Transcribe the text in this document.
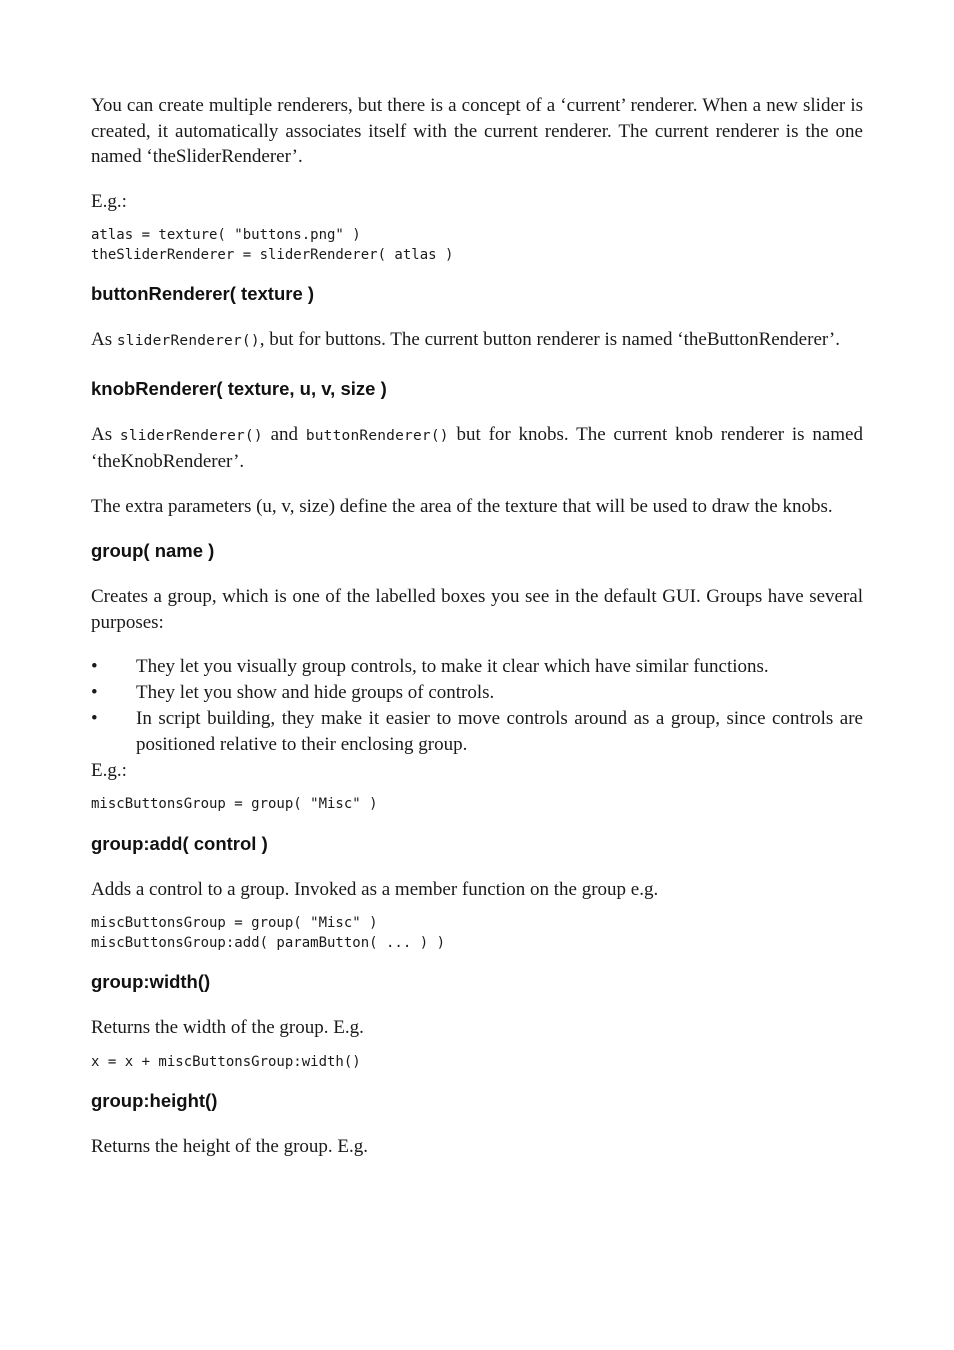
You can create multiple renderers, but there is a concept of a ‘current’ renderer. When a new slider is created, it automatically associates itself with the current renderer. The current renderer is the one named ‘theSliderRenderer’.

E.g.:

atlas = texture( "buttons.png" )
theSliderRenderer = sliderRenderer( atlas )
buttonRenderer( texture )

As sliderRenderer(), but for buttons. The current button renderer is named ‘theButtonRenderer’.

knobRenderer( texture, u, v, size )

As sliderRenderer() and buttonRenderer() but for knobs. The current knob renderer is named ‘theKnobRenderer’.

The extra parameters (u, v, size) define the area of the texture that will be used to draw the knobs.

group( name )

Creates a group, which is one of the labelled boxes you see in the default GUI. Groups have several purposes:

• They let you visually group controls, to make it clear which have similar functions.
• They let you show and hide groups of controls.
• In script building, they make it easier to move controls around as a group, since controls are positioned relative to their enclosing group.

E.g.:

miscButtonsGroup = group( "Misc" )
group:add( control )

Adds a control to a group. Invoked as a member function on the group e.g.

miscButtonsGroup = group( "Misc" )
miscButtonsGroup:add( paramButton( ... ) )
group:width()

Returns the width of the group. E.g.

x = x + miscButtonsGroup:width()
group:height()

Returns the height of the group. E.g.
